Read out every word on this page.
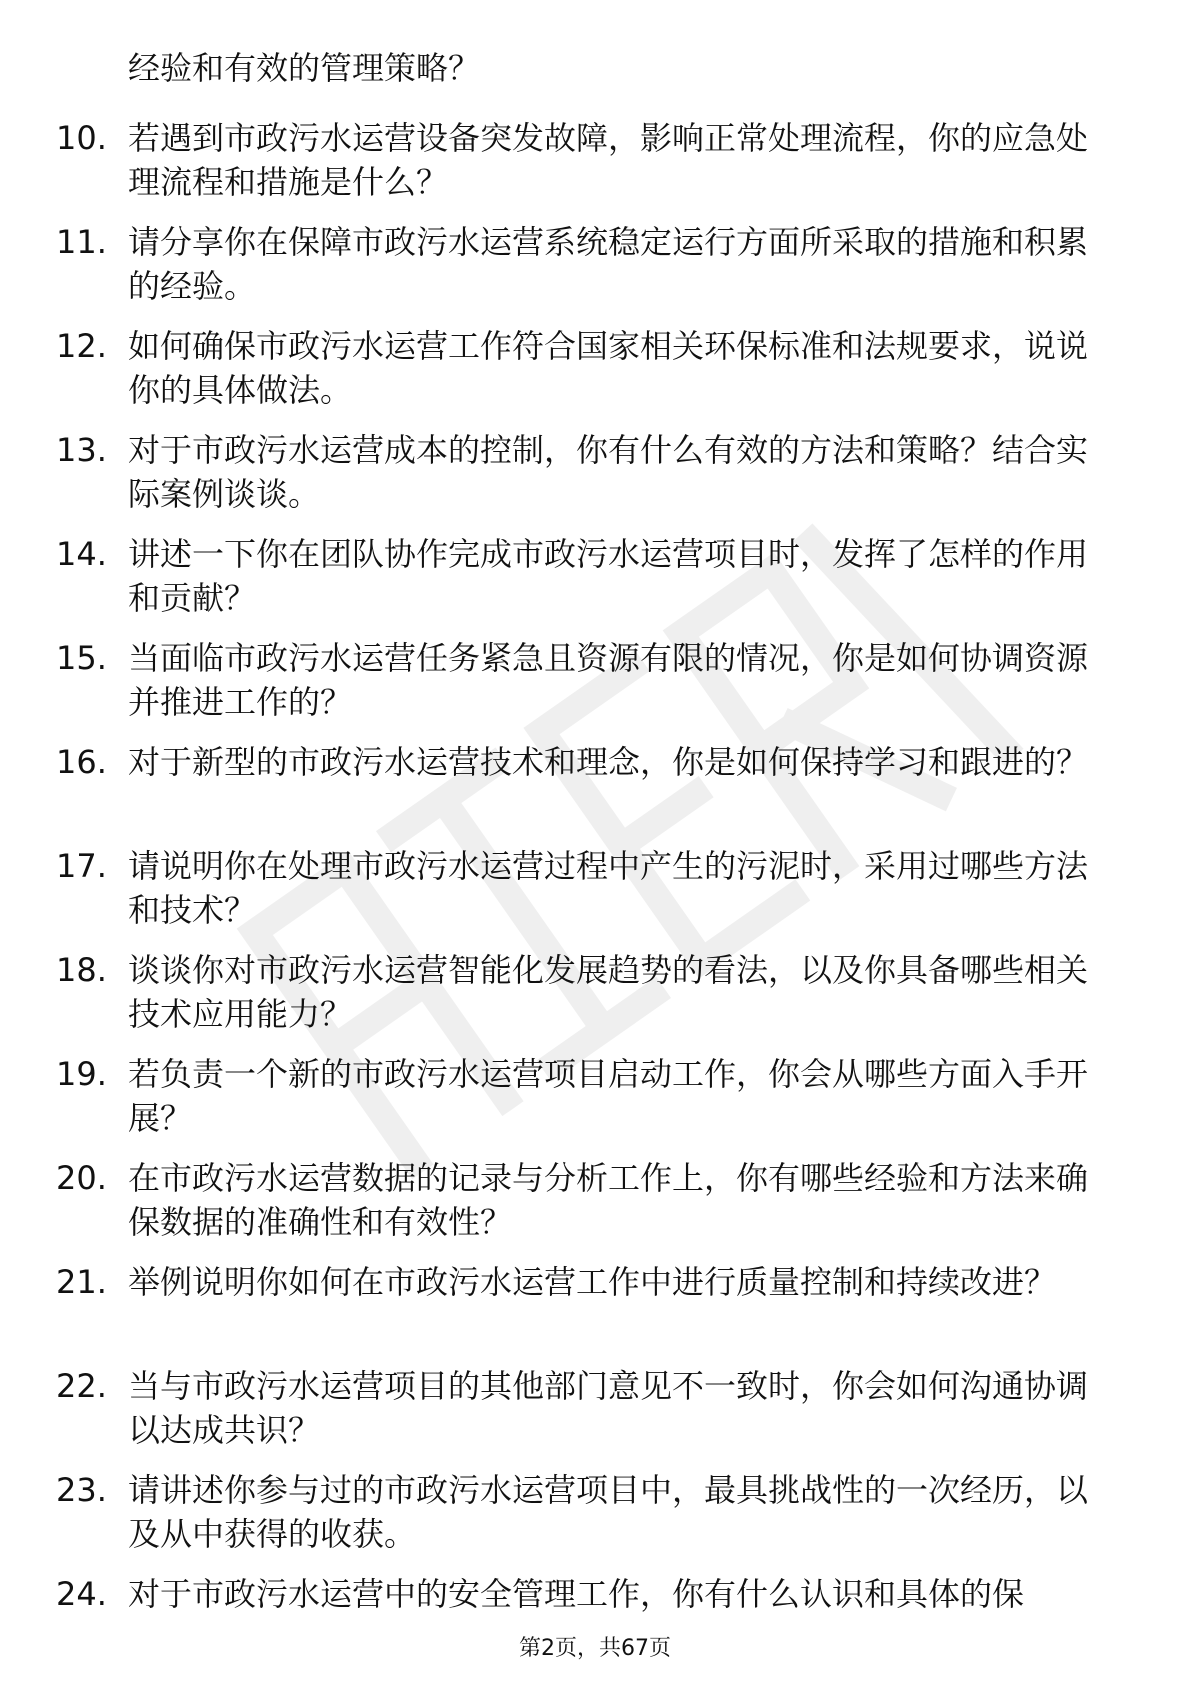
经验和有效的管理策略？
10. 若遇到市政污水运营设备突发故障，影响正常处理流程，你的应急处理流程和措施是什么？
11. 请分享你在保障市政污水运营系统稳定运行方面所采取的措施和积累的经验。
12. 如何确保市政污水运营工作符合国家相关环保标准和法规要求，说说你的具体做法。
13. 对于市政污水运营成本的控制，你有什么有效的方法和策略？结合实际案例谈谈。
14. 讲述一下你在团队协作完成市政污水运营项目时，发挥了怎样的作用和贡献？
15. 当面临市政污水运营任务紧急且资源有限的情况，你是如何协调资源并推进工作的？
16. 对于新型的市政污水运营技术和理念，你是如何保持学习和跟进的？
17. 请说明你在处理市政污水运营过程中产生的污泥时，采用过哪些方法和技术？
18. 谈谈你对市政污水运营智能化发展趋势的看法，以及你具备哪些相关技术应用能力？
19. 若负责一个新的市政污水运营项目启动工作，你会从哪些方面入手开展？
20. 在市政污水运营数据的记录与分析工作上，你有哪些经验和方法来确保数据的准确性和有效性？
21. 举例说明你如何在市政污水运营工作中进行质量控制和持续改进？
22. 当与市政污水运营项目的其他部门意见不一致时，你会如何沟通协调以达成共识？
23. 请讲述你参与过的市政污水运营项目中，最具挑战性的一次经历，以及从中获得的收获。
24. 对于市政污水运营中的安全管理工作，你有什么认识和具体的保
第2页，共67页
